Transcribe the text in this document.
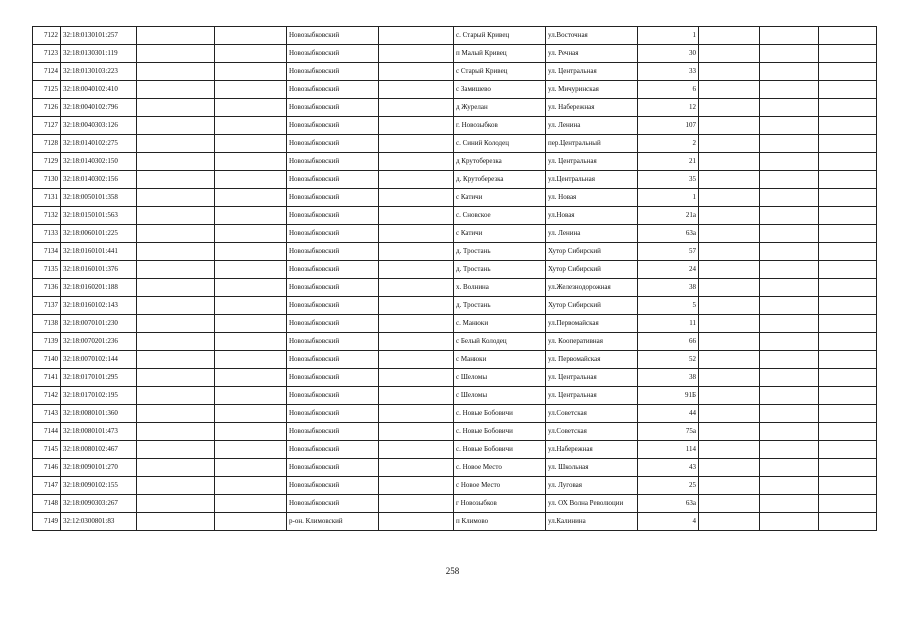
7122	32:18:0130101:257			Новозыбковский		с. Старый Кривец	ул.Восточная	1			
7123	32:18:0130301:119			Новозыбковский		п Малый Кривец	ул. Речная	30			
7124	32:18:0130103:223			Новозыбковский		с Старый Кривец	ул. Центральная	33			
7125	32:18:0040102:410			Новозыбковский		с Замишево	ул. Мичуринская	6			
7126	32:18:0040102:796			Новозыбковский		д Журелан	ул. Набережная	12			
7127	32:18:0040303:126			Новозыбковский		г. Новозыбков	ул. Ленина	107			
7128	32:18:0140102:275			Новозыбковский		с. Синий Колодец	пер.Центральный	2			
7129	32:18:0140302:150			Новозыбковский		д Крутоберезка	ул. Центральная	21			
7130	32:18:0140302:156			Новозыбковский		д. Крутоберезка	ул.Центральная	35			
7131	32:18:0050101:358			Новозыбковский		с Катичи	ул. Новая	1			
7132	32:18:0150101:563			Новозыбковский		с. Сновское	ул.Новая	21а			
7133	32:18:0060101:225			Новозыбковский		с Катичи	ул. Ленина	63а			
7134	32:18:0160101:441			Новозыбковский		д. Тростань	Хутор Сибирский	57			
7135	32:18:0160101:376			Новозыбковский		д. Тростань	Хутор Сибирский	24			
7136	32:18:0160201:188			Новозыбковский		х. Волнина	ул.Железнодорожная	38			
7137	32:18:0160102:143			Новозыбковский		д. Тростань	Хутор Сибирский	5			
7138	32:18:0070101:230			Новозыбковский		с. Манюки	ул.Первомайская	11			
7139	32:18:0070201:236			Новозыбковский		с Белый Колодец	ул. Кооперативная	66			
7140	32:18:0070102:144			Новозыбковский		с Манюки	ул. Первомайская	52			
7141	32:18:0170101:295			Новозыбковский		с Шеломы	ул. Центральная	38			
7142	32:18:0170102:195			Новозыбковский		с Шеломы	ул. Центральная	91Б			
7143	32:18:0080101:360			Новозыбковский		с. Новые Бобовичи	ул.Советская	44			
7144	32:18:0080101:473			Новозыбковский		с. Новые Бобовичи	ул.Советская	75а			
7145	32:18:0080102:467			Новозыбковский		с. Новые Бобовичи	ул.Набережная	114			
7146	32:18:0090101:270			Новозыбковский		с. Новое Место	ул. Школьная	43			
7147	32:18:0090102:155			Новозыбковский		с Новое Место	ул. Луговая	25			
7148	32:18:0090303:267			Новозыбковский		г Новозыбков	ул. ОХ Волна Революции	63а			
7149	32:12:0300801:83			р-он. Климовский		п Климово	ул.Калинина	4			
258
